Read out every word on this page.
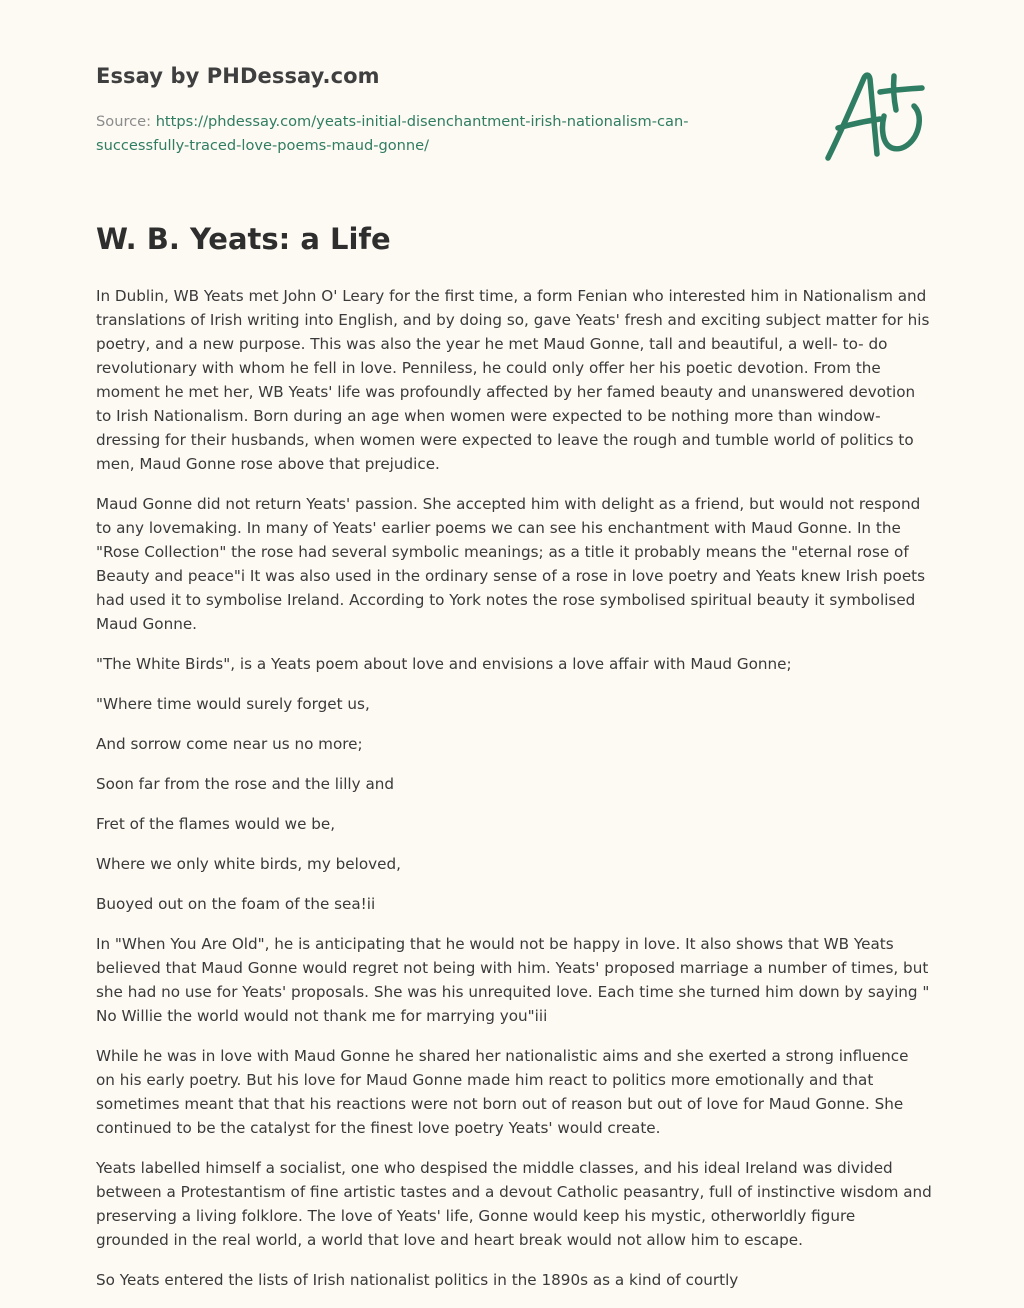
Essay by PHDessay.com
Source: https://phdessay.com/yeats-initial-disenchantment-irish-nationalism-can-successfully-traced-love-poems-maud-gonne/
W. B. Yeats: a Life

In Dublin, WB Yeats met John O' Leary for the first time, a form Fenian who interested him in Nationalism and translations of Irish writing into English, and by doing so, gave Yeats' fresh and exciting subject matter for his poetry, and a new purpose. This was also the year he met Maud Gonne, tall and beautiful, a well- to- do revolutionary with whom he fell in love. Penniless, he could only offer her his poetic devotion. From the moment he met her, WB Yeats' life was profoundly affected by her famed beauty and unanswered devotion to Irish Nationalism. Born during an age when women were expected to be nothing more than window-dressing for their husbands, when women were expected to leave the rough and tumble world of politics to men, Maud Gonne rose above that prejudice.

Maud Gonne did not return Yeats' passion. She accepted him with delight as a friend, but would not respond to any lovemaking. In many of Yeats' earlier poems we can see his enchantment with Maud Gonne. In the "Rose Collection" the rose had several symbolic meanings; as a title it probably means the "eternal rose of Beauty and peace"i It was also used in the ordinary sense of a rose in love poetry and Yeats knew Irish poets had used it to symbolise Ireland. According to York notes the rose symbolised spiritual beauty it symbolised Maud Gonne.

"The White Birds", is a Yeats poem about love and envisions a love affair with Maud Gonne;

"Where time would surely forget us,

And sorrow come near us no more;

Soon far from the rose and the lilly and

Fret of the flames would we be,

Where we only white birds, my beloved,

Buoyed out on the foam of the sea!ii

In "When You Are Old", he is anticipating that he would not be happy in love. It also shows that WB Yeats believed that Maud Gonne would regret not being with him. Yeats' proposed marriage a number of times, but she had no use for Yeats' proposals. She was his unrequited love. Each time she turned him down by saying " No Willie the world would not thank me for marrying you"iii

While he was in love with Maud Gonne he shared her nationalistic aims and she exerted a strong influence on his early poetry. But his love for Maud Gonne made him react to politics more emotionally and that sometimes meant that that his reactions were not born out of reason but out of love for Maud Gonne. She continued to be the catalyst for the finest love poetry Yeats' would create.

Yeats labelled himself a socialist, one who despised the middle classes, and his ideal Ireland was divided between a Protestantism of fine artistic tastes and a devout Catholic peasantry, full of instinctive wisdom and preserving a living folklore. The love of Yeats' life, Gonne would keep his mystic, otherworldly figure grounded in the real world, a world that love and heart break would not allow him to escape.

So Yeats entered the lists of Irish nationalist politics in the 1890s as a kind of courtly
